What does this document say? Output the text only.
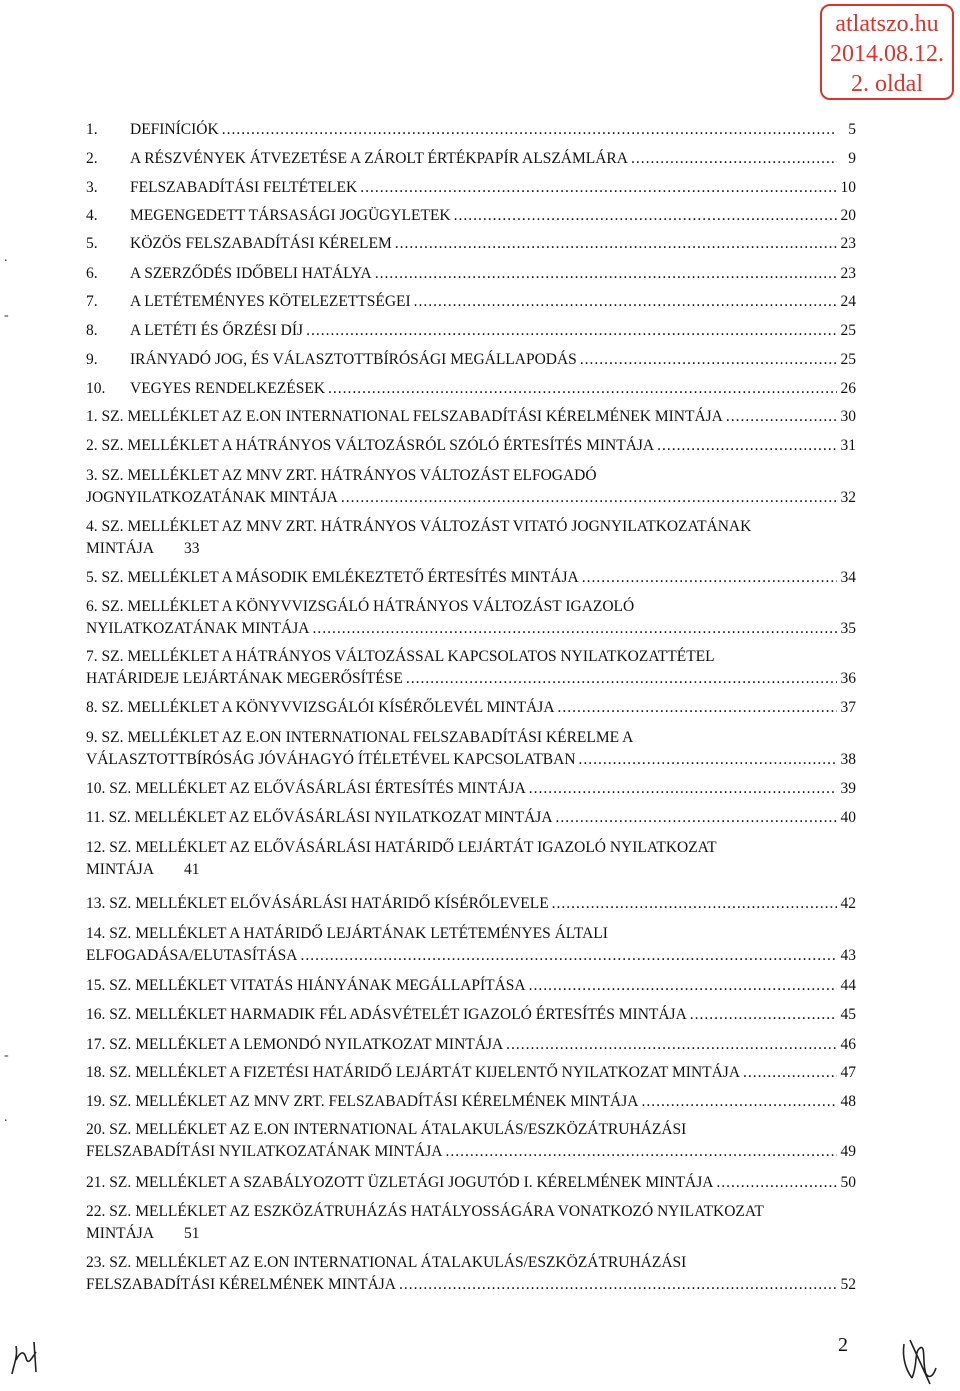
atlatszo.hu
2014.08.12.
2. oldal
1.	DEFINÍCIÓK .....	5
2.	A RÉSZVÉNYEK ÁTVEZETÉSE A ZÁROLT ÉRTÉKPAPÍR ALSZÁMLÁRA .....	9
3.	FELSZABADÍTÁSI FELTÉTELEK .....	10
4.	MEGENGEDETT TÁRSASÁGI JOGÜGYLETEK .....	20
5.	KÖZÖS FELSZABADÍTÁSI KÉRELEM .....	23
6.	A SZERZŐDÉS IDŐBELI HATÁLYA .....	23
7.	A LETÉTEMÉNYES KÖTELEZETTSÉGEI .....	24
8.	A LETÉTI ÉS ŐRZÉSI DÍJ .....	25
9.	IRÁNYADÓ JOG, ÉS VÁLASZTOTTBÍRÓSÁGI MEGÁLLAPODÁS .....	25
10.	VEGYES RENDELKEZÉSEK .....	26
1. SZ. MELLÉKLET AZ E.ON INTERNATIONAL FELSZABADÍTÁSI KÉRELMÉNEK MINTÁJA .....	30
2. SZ. MELLÉKLET A HÁTRÁNYOS VÁLTOZÁSRÓL SZÓLÓ ÉRTESÍTÉS MINTÁJA .....	31
3. SZ. MELLÉKLET AZ MNV ZRT. HÁTRÁNYOS VÁLTOZÁST ELFOGADÓ
JOGNYILATKOZATÁNAK MINTÁJA .....	32
4. SZ. MELLÉKLET AZ MNV ZRT. HÁTRÁNYOS VÁLTOZÁST VITATÓ JOGNYILATKOZATÁNAK
MINTÁJA 33
5. SZ. MELLÉKLET A MÁSODIK EMLÉKEZTETŐ ÉRTESÍTÉS MINTÁJA .....	34
6. SZ. MELLÉKLET A KÖNYVVIZSGÁLÓ HÁTRÁNYOS VÁLTOZÁST IGAZOLÓ
NYILATKOZATÁNAK MINTÁJA .....	35
7. SZ. MELLÉKLET A HÁTRÁNYOS VÁLTOZÁSSAL KAPCSOLATOS NYILATKOZATTÉTEL
HATÁRIDEJE LEJÁRTÁNAK MEGERŐSÍTÉSE .....	36
8. SZ. MELLÉKLET A KÖNYVVIZSGÁLÓI KÍSÉRŐLEVÉL MINTÁJA .....	37
9. SZ. MELLÉKLET AZ E.ON INTERNATIONAL FELSZABADÍTÁSI KÉRELME A
VÁLASZTOTTBÍRÓSÁG JÓVÁHAGYÓ ÍTÉLETÉVEL KAPCSOLATBAN .....	38
10. SZ. MELLÉKLET AZ ELŐVÁSÁRLÁSI ÉRTESÍTÉS MINTÁJA .....	39
11. SZ. MELLÉKLET AZ ELŐVÁSÁRLÁSI NYILATKOZAT MINTÁJA .....	40
12. SZ. MELLÉKLET AZ ELŐVÁSÁRLÁSI HATÁRIDŐ LEJÁRTÁT IGAZOLÓ NYILATKOZAT
MINTÁJA 41
13. SZ. MELLÉKLET ELŐVÁSÁRLÁSI HATÁRIDŐ KÍSÉRŐLEVELE .....	42
14. SZ. MELLÉKLET A HATÁRIDŐ LEJÁRTÁNAK LETÉTEMÉNYES ÁLTALI
ELFOGADÁSA/ELUTASÍTÁSA .....	43
15. SZ. MELLÉKLET VITATÁS HIÁNYÁNAK MEGÁLLAPÍTÁSA .....	44
16. SZ. MELLÉKLET HARMADIK FÉL ADÁSVÉTELÉT IGAZOLÓ ÉRTESÍTÉS MINTÁJA .....	45
17. SZ. MELLÉKLET A LEMONDÓ NYILATKOZAT MINTÁJA .....	46
18. SZ. MELLÉKLET A FIZETÉSI HATÁRIDŐ LEJÁRTÁT KIJELENTŐ NYILATKOZAT MINTÁJA .....	47
19. SZ. MELLÉKLET AZ MNV ZRT. FELSZABADÍTÁSI KÉRELMÉNEK MINTÁJA .....	48
20. SZ. MELLÉKLET AZ E.ON INTERNATIONAL ÁTALAKULÁS/ESZKÖZÁTRUHÁZÁSI
FELSZABADÍTÁSI NYILATKOZATÁNAK MINTÁJA .....	49
21. SZ. MELLÉKLET A SZABÁLYOZOTT ÜZLETÁGI JOGUTÓD I. KÉRELMÉNEK MINTÁJA .....	50
22. SZ. MELLÉKLET AZ ESZKÖZÁTRUHÁZÁS HATÁLYOSSÁGÁRA VONATKOZÓ NYILATKOZAT
MINTÁJA 51
23. SZ. MELLÉKLET AZ E.ON INTERNATIONAL ÁTALAKULÁS/ESZKÖZÁTRUHÁZÁSI
FELSZABADÍTÁSI KÉRELMÉNEK MINTÁJA .....	52
.
-
-
.
2
